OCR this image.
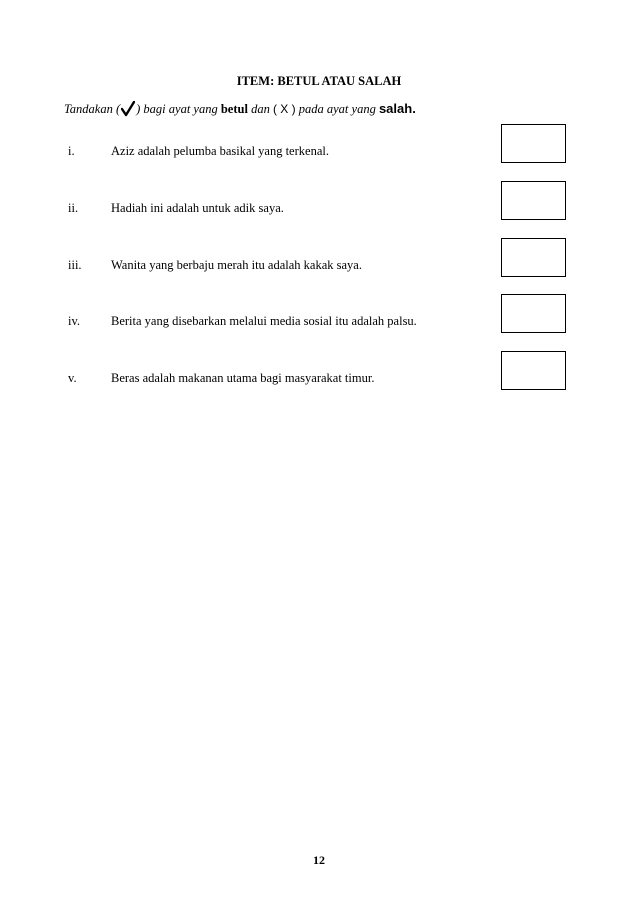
ITEM: BETUL ATAU SALAH
Tandakan ( ) bagi ayat yang betul dan ( X ) pada ayat yang salah.
i.	Aziz adalah pelumba basikal yang terkenal.
ii.	Hadiah ini adalah untuk adik saya.
iii. Wanita yang berbaju merah itu adalah kakak saya.
iv. Berita yang disebarkan melalui media sosial itu adalah palsu.
v.	Beras adalah makanan utama bagi masyarakat timur.
12
